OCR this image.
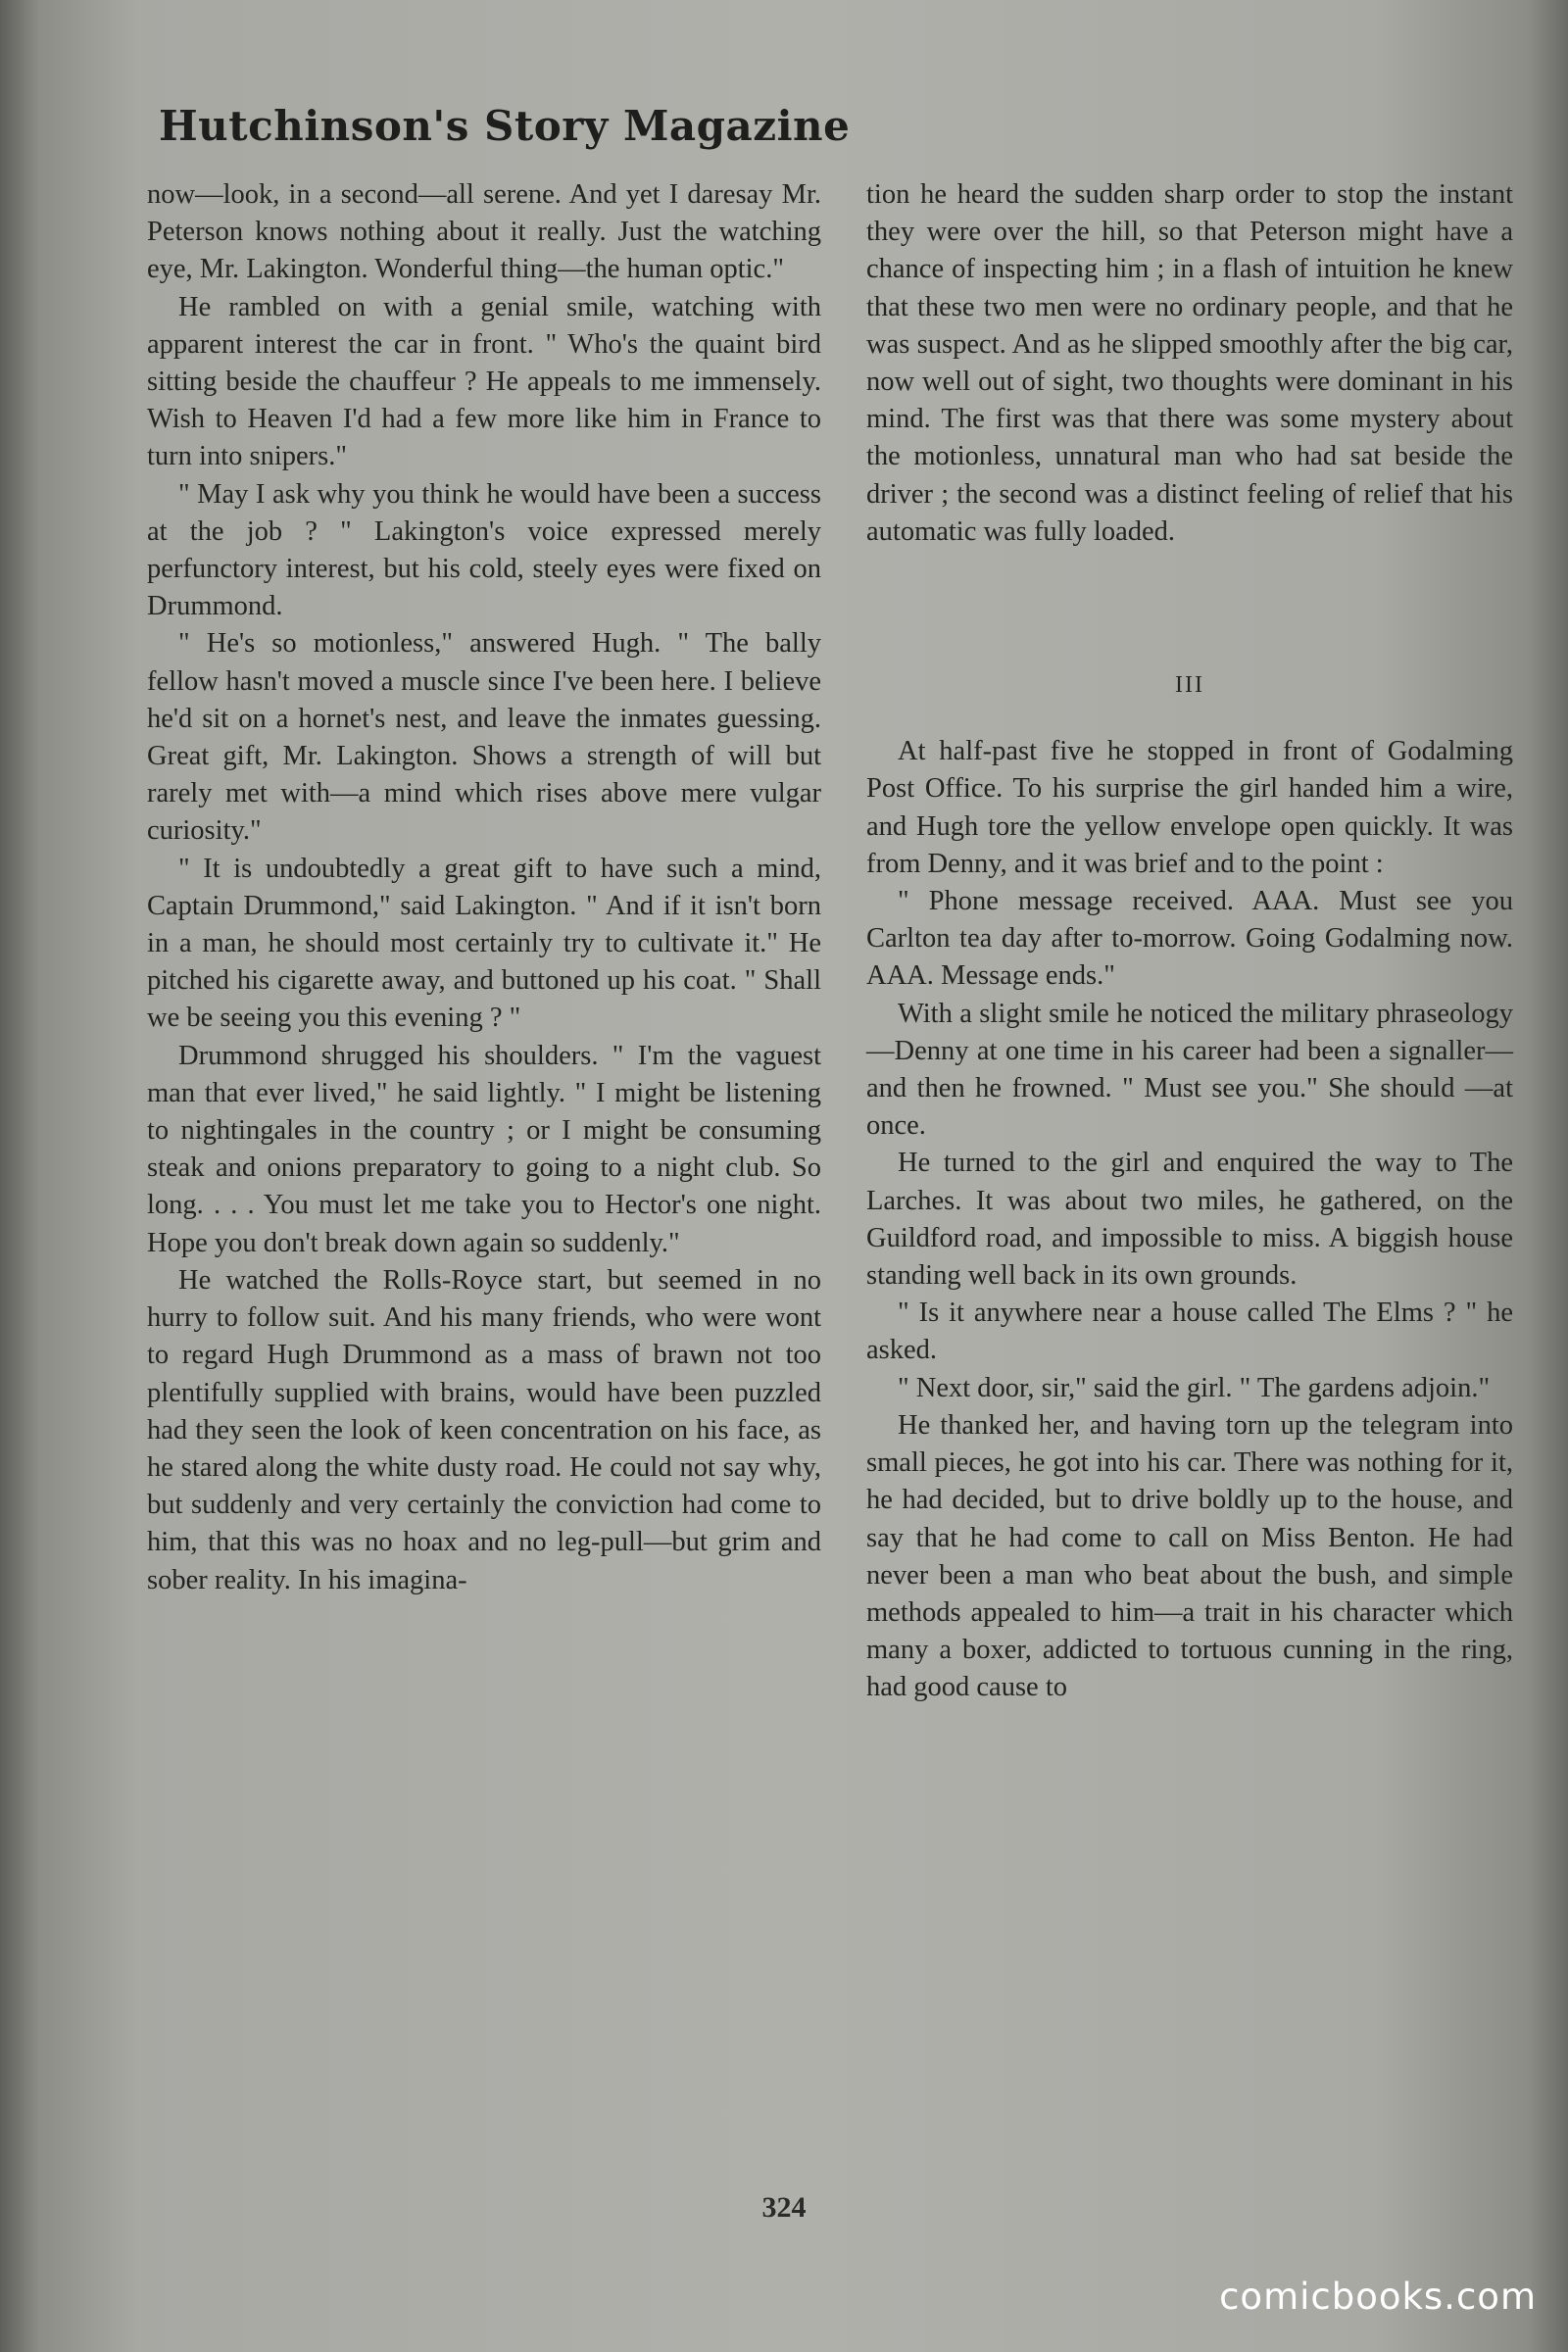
Hutchinson's Story Magazine

now—look, in a second—all serene. And yet I daresay Mr. Peterson knows nothing about it really. Just the watching eye, Mr. Lakington. Wonderful thing—the human optic."

He rambled on with a genial smile, watching with apparent interest the car in front. " Who's the quaint bird sitting beside the chauffeur ? He appeals to me immensely. Wish to Heaven I'd had a few more like him in France to turn into snipers."

" May I ask why you think he would have been a success at the job ? " Lakington's voice expressed merely perfunctory interest, but his cold, steely eyes were fixed on Drummond.

" He's so motionless," answered Hugh. " The bally fellow hasn't moved a muscle since I've been here. I believe he'd sit on a hornet's nest, and leave the inmates guessing. Great gift, Mr. Lakington. Shows a strength of will but rarely met with—a mind which rises above mere vulgar curiosity."

" It is undoubtedly a great gift to have such a mind, Captain Drummond," said Lakington. " And if it isn't born in a man, he should most certainly try to cultivate it." He pitched his cigarette away, and buttoned up his coat. " Shall we be seeing you this evening ? "

Drummond shrugged his shoulders. " I'm the vaguest man that ever lived," he said lightly. " I might be listening to nightingales in the country ; or I might be consuming steak and onions preparatory to going to a night club. So long. . . . You must let me take you to Hector's one night. Hope you don't break down again so suddenly."

He watched the Rolls-Royce start, but seemed in no hurry to follow suit. And his many friends, who were wont to regard Hugh Drummond as a mass of brawn not too plentifully supplied with brains, would have been puzzled had they seen the look of keen concentration on his face, as he stared along the white dusty road. He could not say why, but suddenly and very certainly the conviction had come to him, that this was no hoax and no leg-pull—but grim and sober reality. In his imagina-

tion he heard the sudden sharp order to stop the instant they were over the hill, so that Peterson might have a chance of inspecting him ; in a flash of intuition he knew that these two men were no ordinary people, and that he was suspect. And as he slipped smoothly after the big car, now well out of sight, two thoughts were dominant in his mind. The first was that there was some mystery about the motionless, unnatural man who had sat beside the driver ; the second was a distinct feeling of relief that his automatic was fully loaded.

III

At half-past five he stopped in front of Godalming Post Office. To his surprise the girl handed him a wire, and Hugh tore the yellow envelope open quickly. It was from Denny, and it was brief and to the point :

" Phone message received. AAA. Must see you Carlton tea day after to-morrow. Going Godalming now. AAA. Message ends."

With a slight smile he noticed the military phraseology—Denny at one time in his career had been a signaller—and then he frowned. " Must see you." She should —at once.

He turned to the girl and enquired the way to The Larches. It was about two miles, he gathered, on the Guildford road, and impossible to miss. A biggish house standing well back in its own grounds.

" Is it anywhere near a house called The Elms ? " he asked.

" Next door, sir," said the girl. " The gardens adjoin."

He thanked her, and having torn up the telegram into small pieces, he got into his car. There was nothing for it, he had decided, but to drive boldly up to the house, and say that he had come to call on Miss Benton. He had never been a man who beat about the bush, and simple methods appealed to him—a trait in his character which many a boxer, addicted to tortuous cunning in the ring, had good cause to

324
comicbooks.com
